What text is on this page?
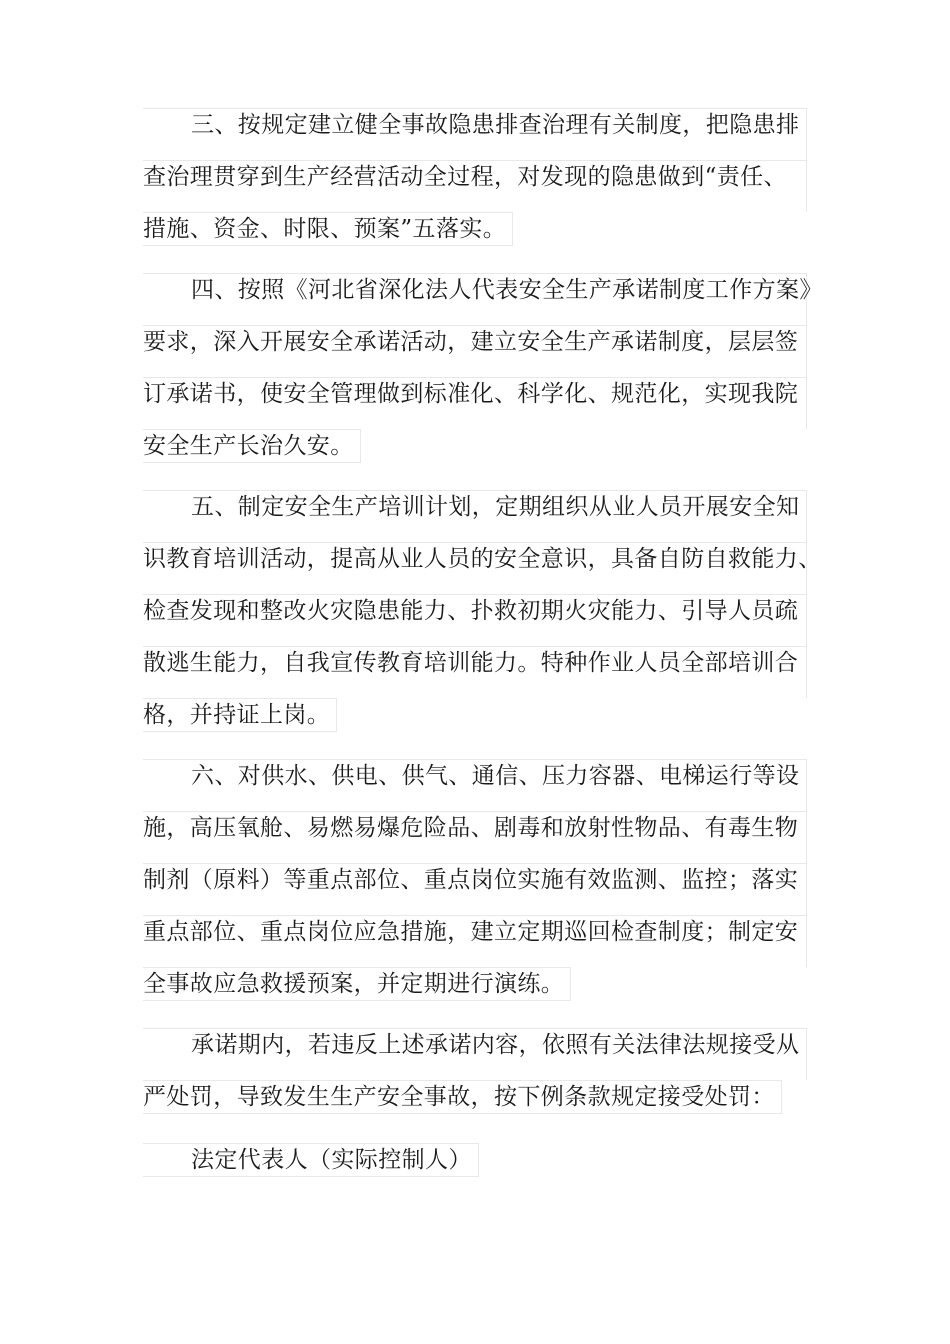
三、按规定建立健全事故隐患排查治理有关制度，把隐患排
查治理贯穿到生产经营活动全过程，对发现的隐患做到“责任、
措施、资金、时限、预案”五落实。
四、按照《河北省深化法人代表安全生产承诺制度工作方案》
要求，深入开展安全承诺活动，建立安全生产承诺制度，层层签
订承诺书，使安全管理做到标准化、科学化、规范化，实现我院
安全生产长治久安。
五、制定安全生产培训计划，定期组织从业人员开展安全知
识教育培训活动，提高从业人员的安全意识，具备自防自救能力、
检查发现和整改火灾隐患能力、扑救初期火灾能力、引导人员疏
散逃生能力，自我宣传教育培训能力。特种作业人员全部培训合
格，并持证上岗。
六、对供水、供电、供气、通信、压力容器、电梯运行等设
施，高压氧舱、易燃易爆危险品、剧毒和放射性物品、有毒生物
制剂（原料）等重点部位、重点岗位实施有效监测、监控；落实
重点部位、重点岗位应急措施，建立定期巡回检查制度；制定安
全事故应急救援预案，并定期进行演练。
承诺期内，若违反上述承诺内容，依照有关法律法规接受从
严处罚，导致发生生产安全事故，按下例条款规定接受处罚：
法定代表人（实际控制人）
